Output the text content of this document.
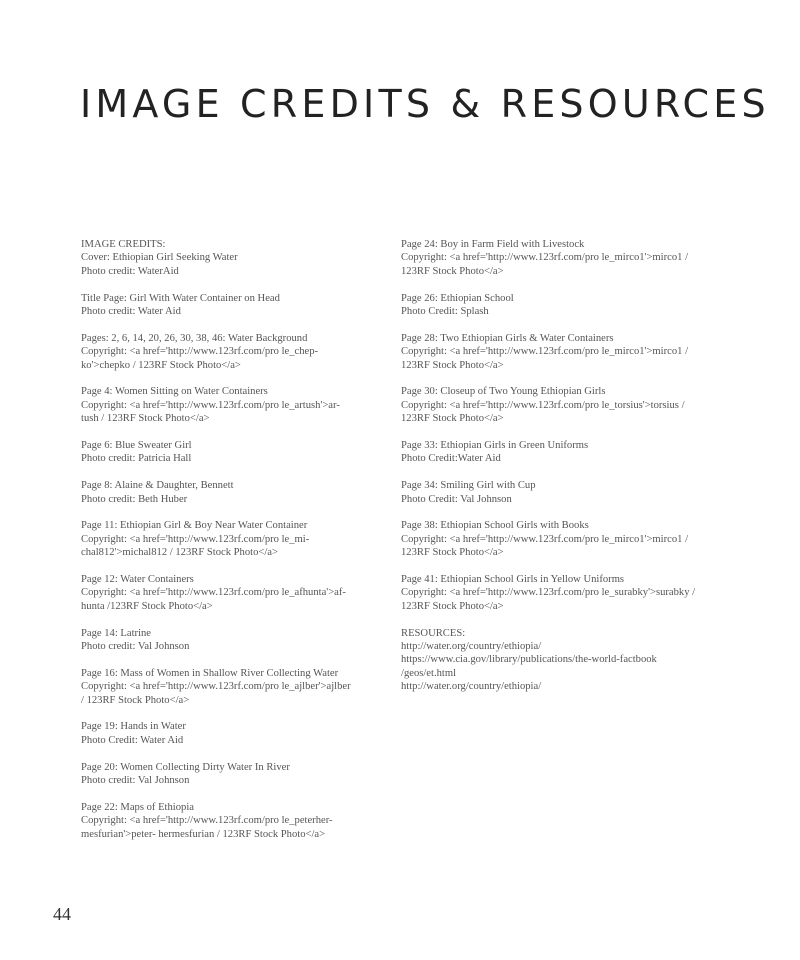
IMAGE CREDITS & RESOURCES
IMAGE CREDITS:
Cover: Ethiopian Girl Seeking Water
Photo credit: WaterAid
Title Page: Girl With Water Container on Head
Photo credit: Water Aid
Pages: 2, 6, 14, 20, 26, 30, 38, 46: Water Background
Copyright: <a href='http://www.123rf.com/pro le_chep-
ko'>chepko / 123RF Stock Photo</a>
Page 4: Women Sitting on Water Containers
Copyright: <a href='http://www.123rf.com/pro le_artush'>ar-
tush / 123RF Stock Photo</a>
Page 6: Blue Sweater Girl
Photo credit: Patricia Hall
Page 8: Alaine & Daughter, Bennett
Photo credit: Beth Huber
Page 11: Ethiopian Girl & Boy Near Water Container
Copyright: <a href='http://www.123rf.com/pro le_mi-
chal812'>michal812 / 123RF Stock Photo</a>
Page 12: Water Containers
Copyright: <a href='http://www.123rf.com/pro le_afhunta'>af-
hunta /123RF Stock Photo</a>
Page 14: Latrine
Photo credit: Val Johnson
Page 16: Mass of Women in Shallow River Collecting Water
Copyright: <a href='http://www.123rf.com/pro le_ajlber'>ajlber
/ 123RF Stock Photo</a>
Page 19: Hands in Water
Photo Credit: Water Aid
Page 20: Women Collecting Dirty Water In River
Photo credit: Val Johnson
Page 22: Maps of Ethiopia
Copyright: <a href='http://www.123rf.com/pro le_peterher-
mesfurian'>peter- hermesfurian / 123RF Stock Photo</a>
Page 24: Boy in Farm Field with Livestock
Copyright: <a href='http://www.123rf.com/pro le_mirco1'>mirco1 /
123RF Stock Photo</a>
Page 26: Ethiopian School
Photo Credit: Splash
Page 28: Two Ethiopian Girls & Water Containers
Copyright: <a href='http://www.123rf.com/pro le_mirco1'>mirco1 /
123RF Stock Photo</a>
Page 30: Closeup of Two Young Ethiopian Girls
Copyright: <a href='http://www.123rf.com/pro le_torsius'>torsius /
123RF Stock Photo</a>
Page 33: Ethiopian Girls in Green Uniforms
Photo Credit:Water Aid
Page 34: Smiling Girl with Cup
Photo Credit: Val Johnson
Page 38: Ethiopian School Girls with Books
Copyright: <a href='http://www.123rf.com/pro le_mirco1'>mirco1 /
123RF Stock Photo</a>
Page 41: Ethiopian School Girls in Yellow Uniforms
Copyright: <a href='http://www.123rf.com/pro le_surabky'>surabky /
123RF Stock Photo</a>
RESOURCES:
http://water.org/country/ethiopia/
https://www.cia.gov/library/publications/the-world-factbook
/geos/et.html
http://water.org/country/ethiopia/
44
